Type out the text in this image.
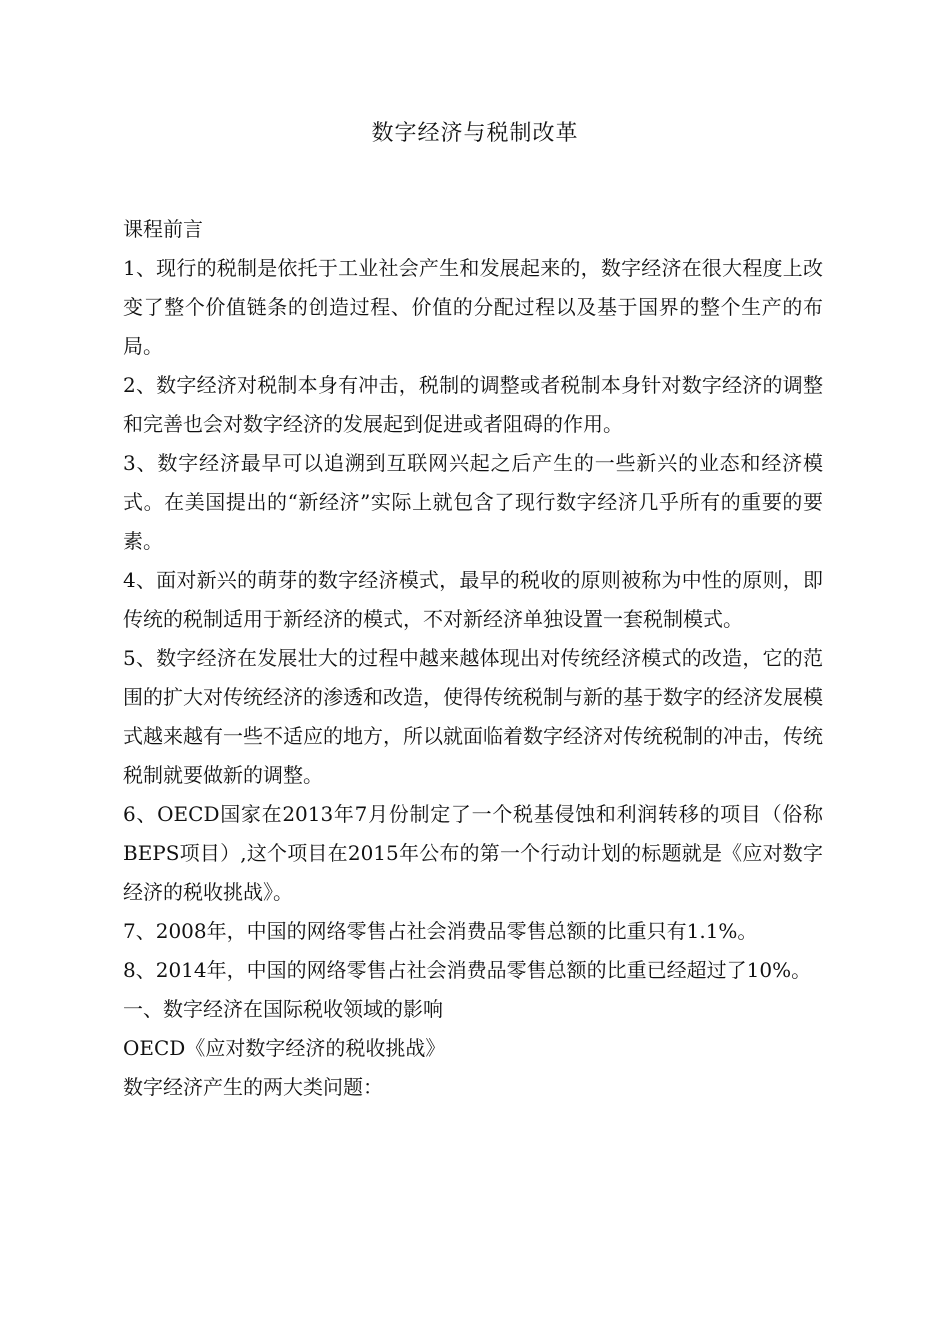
数字经济与税制改革

课程前言

1、现行的税制是依托于工业社会产生和发展起来的，数字经济在很大程度上改变了整个价值链条的创造过程、价值的分配过程以及基于国界的整个生产的布局。

2、数字经济对税制本身有冲击，税制的调整或者税制本身针对数字经济的调整和完善也会对数字经济的发展起到促进或者阻碍的作用。

3、数字经济最早可以追溯到互联网兴起之后产生的一些新兴的业态和经济模式。在美国提出的“新经济”实际上就包含了现行数字经济几乎所有的重要的要素。

4、面对新兴的萌芽的数字经济模式，最早的税收的原则被称为中性的原则，即传统的税制适用于新经济的模式，不对新经济单独设置一套税制模式。

5、数字经济在发展壮大的过程中越来越体现出对传统经济模式的改造，它的范围的扩大对传统经济的渗透和改造，使得传统税制与新的基于数字的经济发展模式越来越有一些不适应的地方，所以就面临着数字经济对传统税制的冲击，传统税制就要做新的调整。

6、OECD国家在2013年7月份制定了一个税基侵蚀和利润转移的项目（俗称BEPS项目）,这个项目在2015年公布的第一个行动计划的标题就是《应对数字经济的税收挑战》。

7、2008年，中国的网络零售占社会消费品零售总额的比重只有1.1%。

8、2014年，中国的网络零售占社会消费品零售总额的比重已经超过了10%。

一、数字经济在国际税收领域的影响

OECD《应对数字经济的税收挑战》

数字经济产生的两大类问题：
